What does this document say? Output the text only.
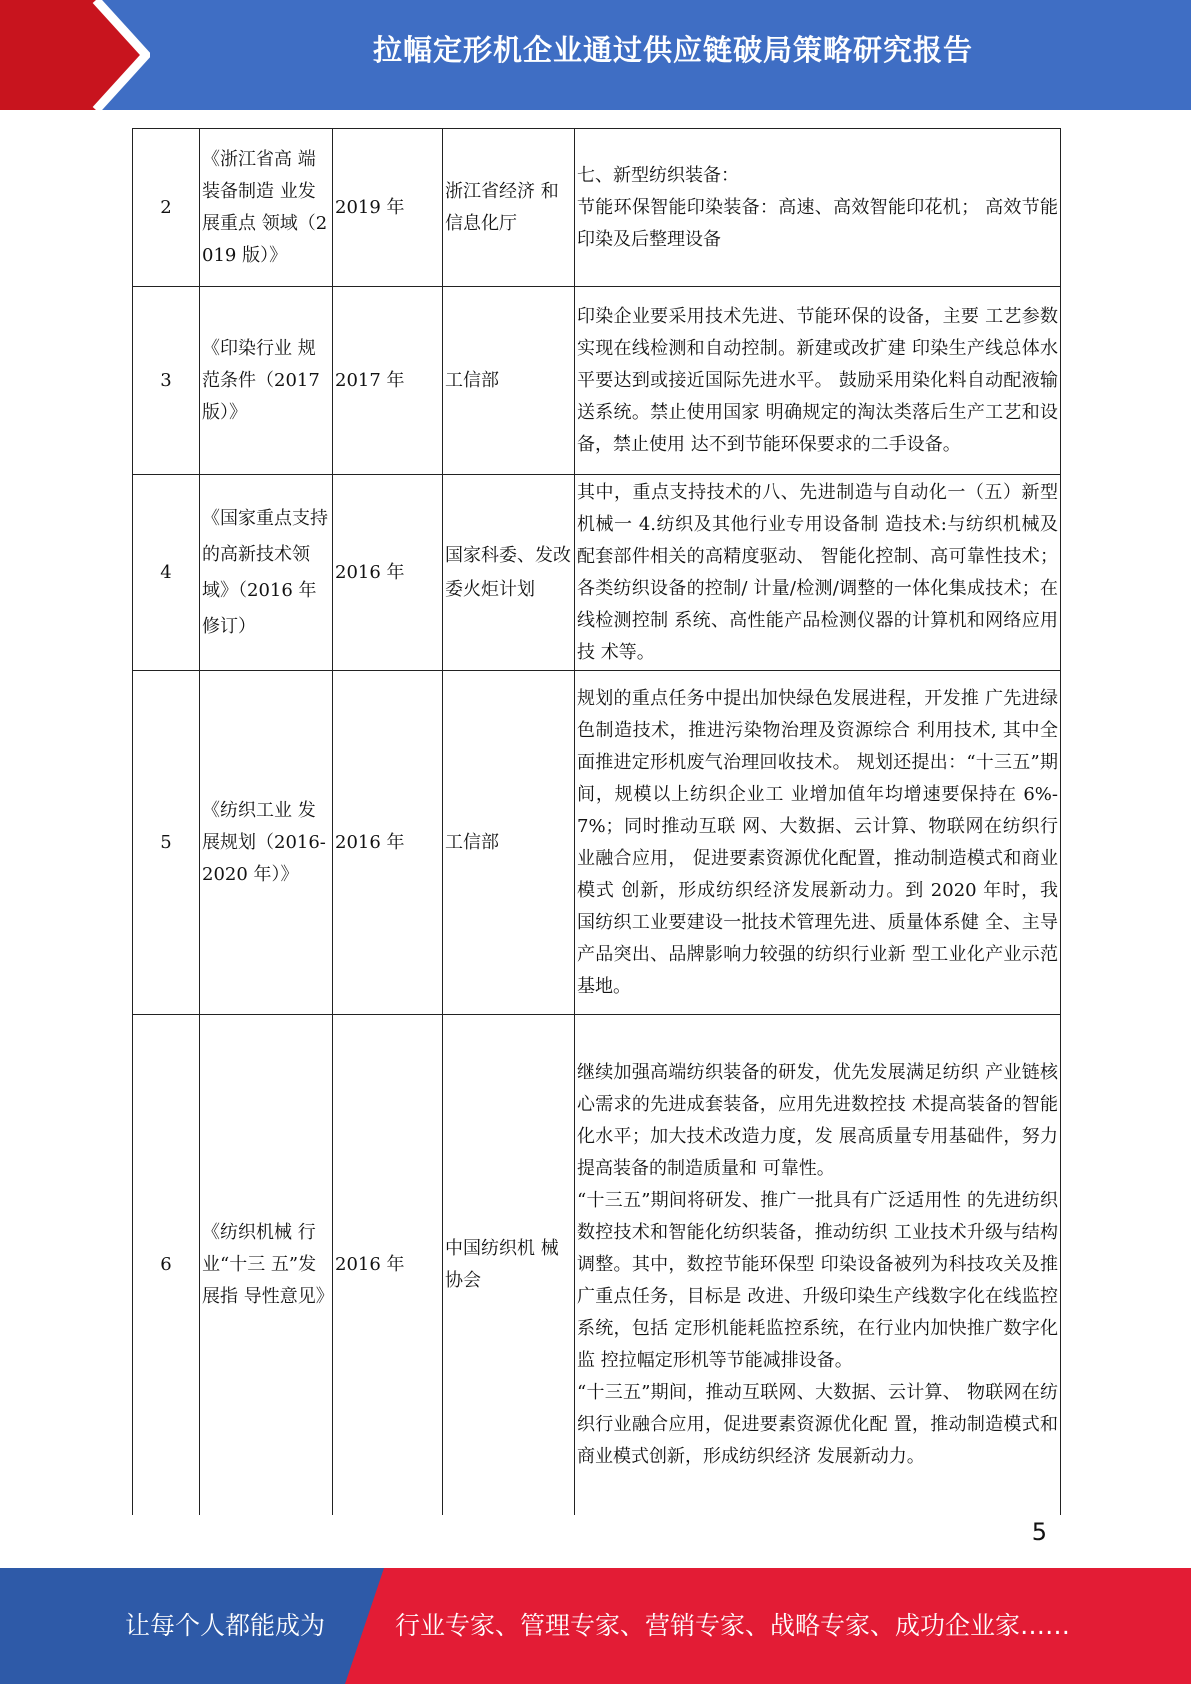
拉幅定形机企业通过供应链破局策略研究报告
2	《浙江省高 端装备制造 业发展重点 领域（2019 版）》	2019 年	浙江省经济 和信息化厅	七、新型纺织装备：

节能环保智能印染装备：高速、高效智能印花机； 高效节能印染及后整理设备

3	《印染行业 规范条件（2017 版）》	2017 年	工信部	印染企业要采用技术先进、节能环保的设备，主要 工艺参数实现在线检测和自动控制。新建或改扩建 印染生产线总体水平要达到或接近国际先进水平。 鼓励采用染化料自动配液输送系统。禁止使用国家 明确规定的淘汰类落后生产工艺和设备，禁止使用 达不到节能环保要求的二手设备。

4	《国家重点支持的高新技术领域》（2016 年修订）	2016 年	国家科委、发改委火炬计划	其中，重点支持技术的八、先进制造与自动化一（五）新型机械一 4.纺织及其他行业专用设备制 造技术:与纺织机械及配套部件相关的高精度驱动、 智能化控制、高可靠性技术；各类纺织设备的控制/ 计量/检测/调整的一体化集成技术；在线检测控制 系统、高性能产品检测仪器的计算机和网络应用技 术等。

5	《纺织工业 发展规划（2016-2020 年）》	2016 年	工信部	规划的重点任务中提出加快绿色发展进程，开发推 广先进绿色制造技术，推进污染物治理及资源综合 利用技术, 其中全面推进定形机废气治理回收技术。 规划还提出：“十三五”期间，规模以上纺织企业工 业增加值年均增速要保持在 6%-7%；同时推动互联 网、大数据、云计算、物联网在纺织行业融合应用， 促进要素资源优化配置，推动制造模式和商业模式 创新，形成纺织经济发展新动力。到 2020 年时，我 国纺织工业要建设一批技术管理先进、质量体系健 全、主导产品突出、品牌影响力较强的纺织行业新 型工业化产业示范基地。

6	《纺织机械 行业“十三 五”发展指 导性意见》	2016 年	中国纺织机 械协会	继续加强高端纺织装备的研发，优先发展满足纺织 产业链核心需求的先进成套装备，应用先进数控技 术提高装备的智能化水平；加大技术改造力度，发 展高质量专用基础件，努力提高装备的制造质量和 可靠性。

“十三五”期间将研发、推广一批具有广泛适用性 的先进纺织数控技术和智能化纺织装备，推动纺织 工业技术升级与结构调整。其中，数控节能环保型 印染设备被列为科技攻关及推广重点任务，目标是 改进、升级印染生产线数字化在线监控系统，包括 定形机能耗监控系统，在行业内加快推广数字化监 控拉幅定形机等节能减排设备。

“十三五”期间，推动互联网、大数据、云计算、 物联网在纺织行业融合应用，促进要素资源优化配 置，推动制造模式和商业模式创新，形成纺织经济 发展新动力。

5
让每个人都能成为	行业专家、管理专家、营销专家、战略专家、成功企业家……
